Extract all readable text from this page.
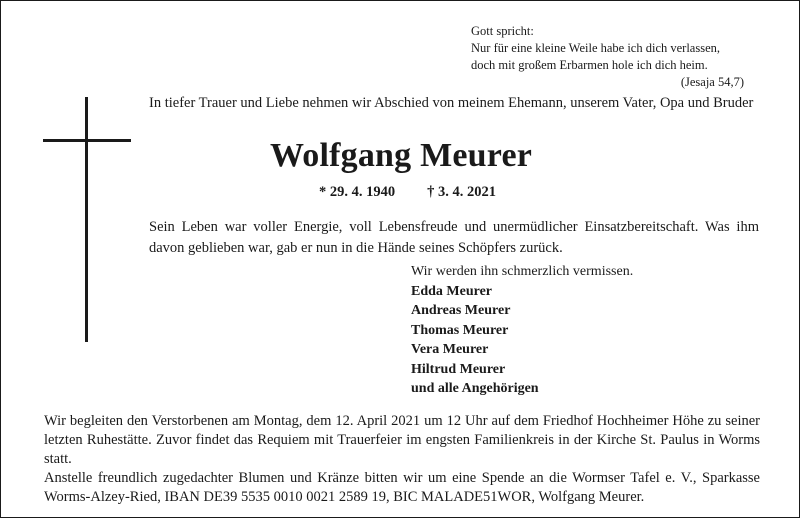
Gott spricht:
Nur für eine kleine Weile habe ich dich verlassen,
doch mit großem Erbarmen hole ich dich heim.
(Jesaja 54,7)
In tiefer Trauer und Liebe nehmen wir Abschied von meinem Ehemann, unserem Vater, Opa und Bruder
Wolfgang Meurer
* 29. 4. 1940 † 3. 4. 2021
Sein Leben war voller Energie, voll Lebensfreude und unermüdlicher Einsatzbereitschaft. Was ihm davon geblieben war, gab er nun in die Hände seines Schöpfers zurück.
Wir werden ihn schmerzlich vermissen.
Edda Meurer
Andreas Meurer
Thomas Meurer
Vera Meurer
Hiltrud Meurer
und alle Angehörigen
Wir begleiten den Verstorbenen am Montag, dem 12. April 2021 um 12 Uhr auf dem Friedhof Hochheimer Höhe zu seiner letzten Ruhestätte. Zuvor findet das Requiem mit Trauerfeier im engsten Familienkreis in der Kirche St. Paulus in Worms statt.
Anstelle freundlich zugedachter Blumen und Kränze bitten wir um eine Spende an die Wormser Tafel e. V., Sparkasse Worms-Alzey-Ried, IBAN DE39 5535 0010 0021 2589 19, BIC MALADE51WOR, Wolfgang Meurer.
